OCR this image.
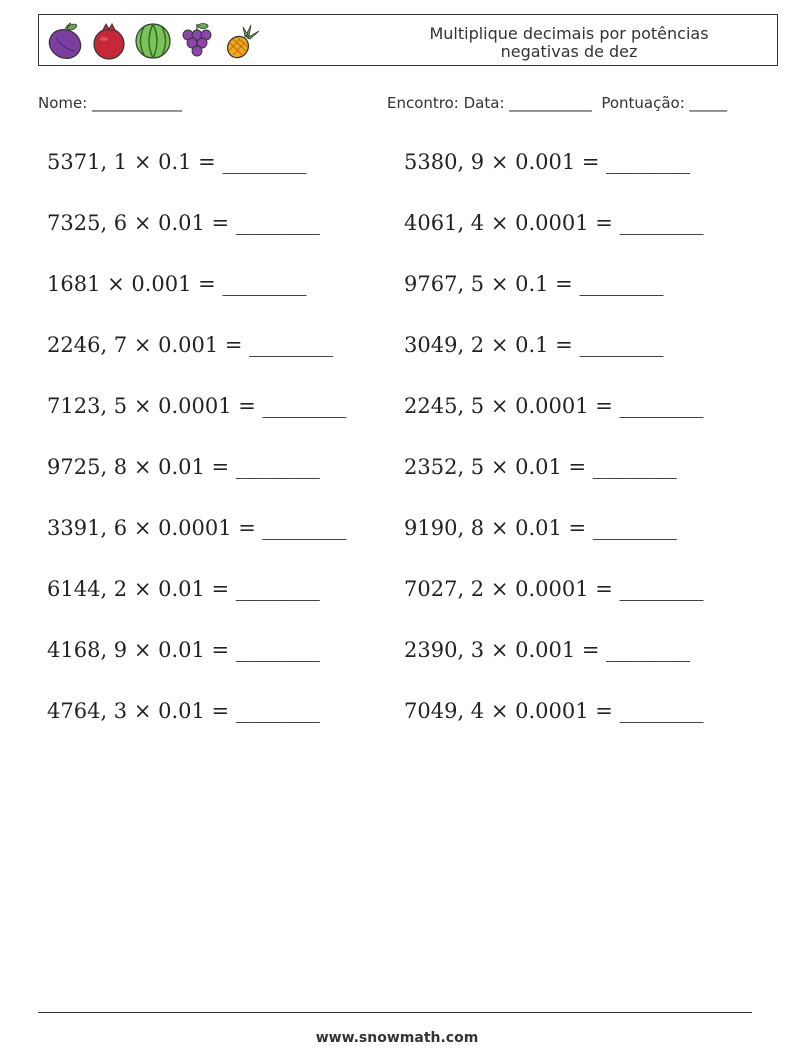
Multiplique decimais por potências
negativas de dez
Nome: ____________	Encontro: Data: ___________ Pontuação: _____
5371, 1 × 0.1 = ________
7325, 6 × 0.01 = ________
1681 × 0.001 = ________
2246, 7 × 0.001 = ________
7123, 5 × 0.0001 = ________
9725, 8 × 0.01 = ________
3391, 6 × 0.0001 = ________
6144, 2 × 0.01 = ________
4168, 9 × 0.01 = ________
4764, 3 × 0.01 = ________
5380, 9 × 0.001 = ________
4061, 4 × 0.0001 = ________
9767, 5 × 0.1 = ________
3049, 2 × 0.1 = ________
2245, 5 × 0.0001 = ________
2352, 5 × 0.01 = ________
9190, 8 × 0.01 = ________
7027, 2 × 0.0001 = ________
2390, 3 × 0.001 = ________
7049, 4 × 0.0001 = ________
www.snowmath.com
